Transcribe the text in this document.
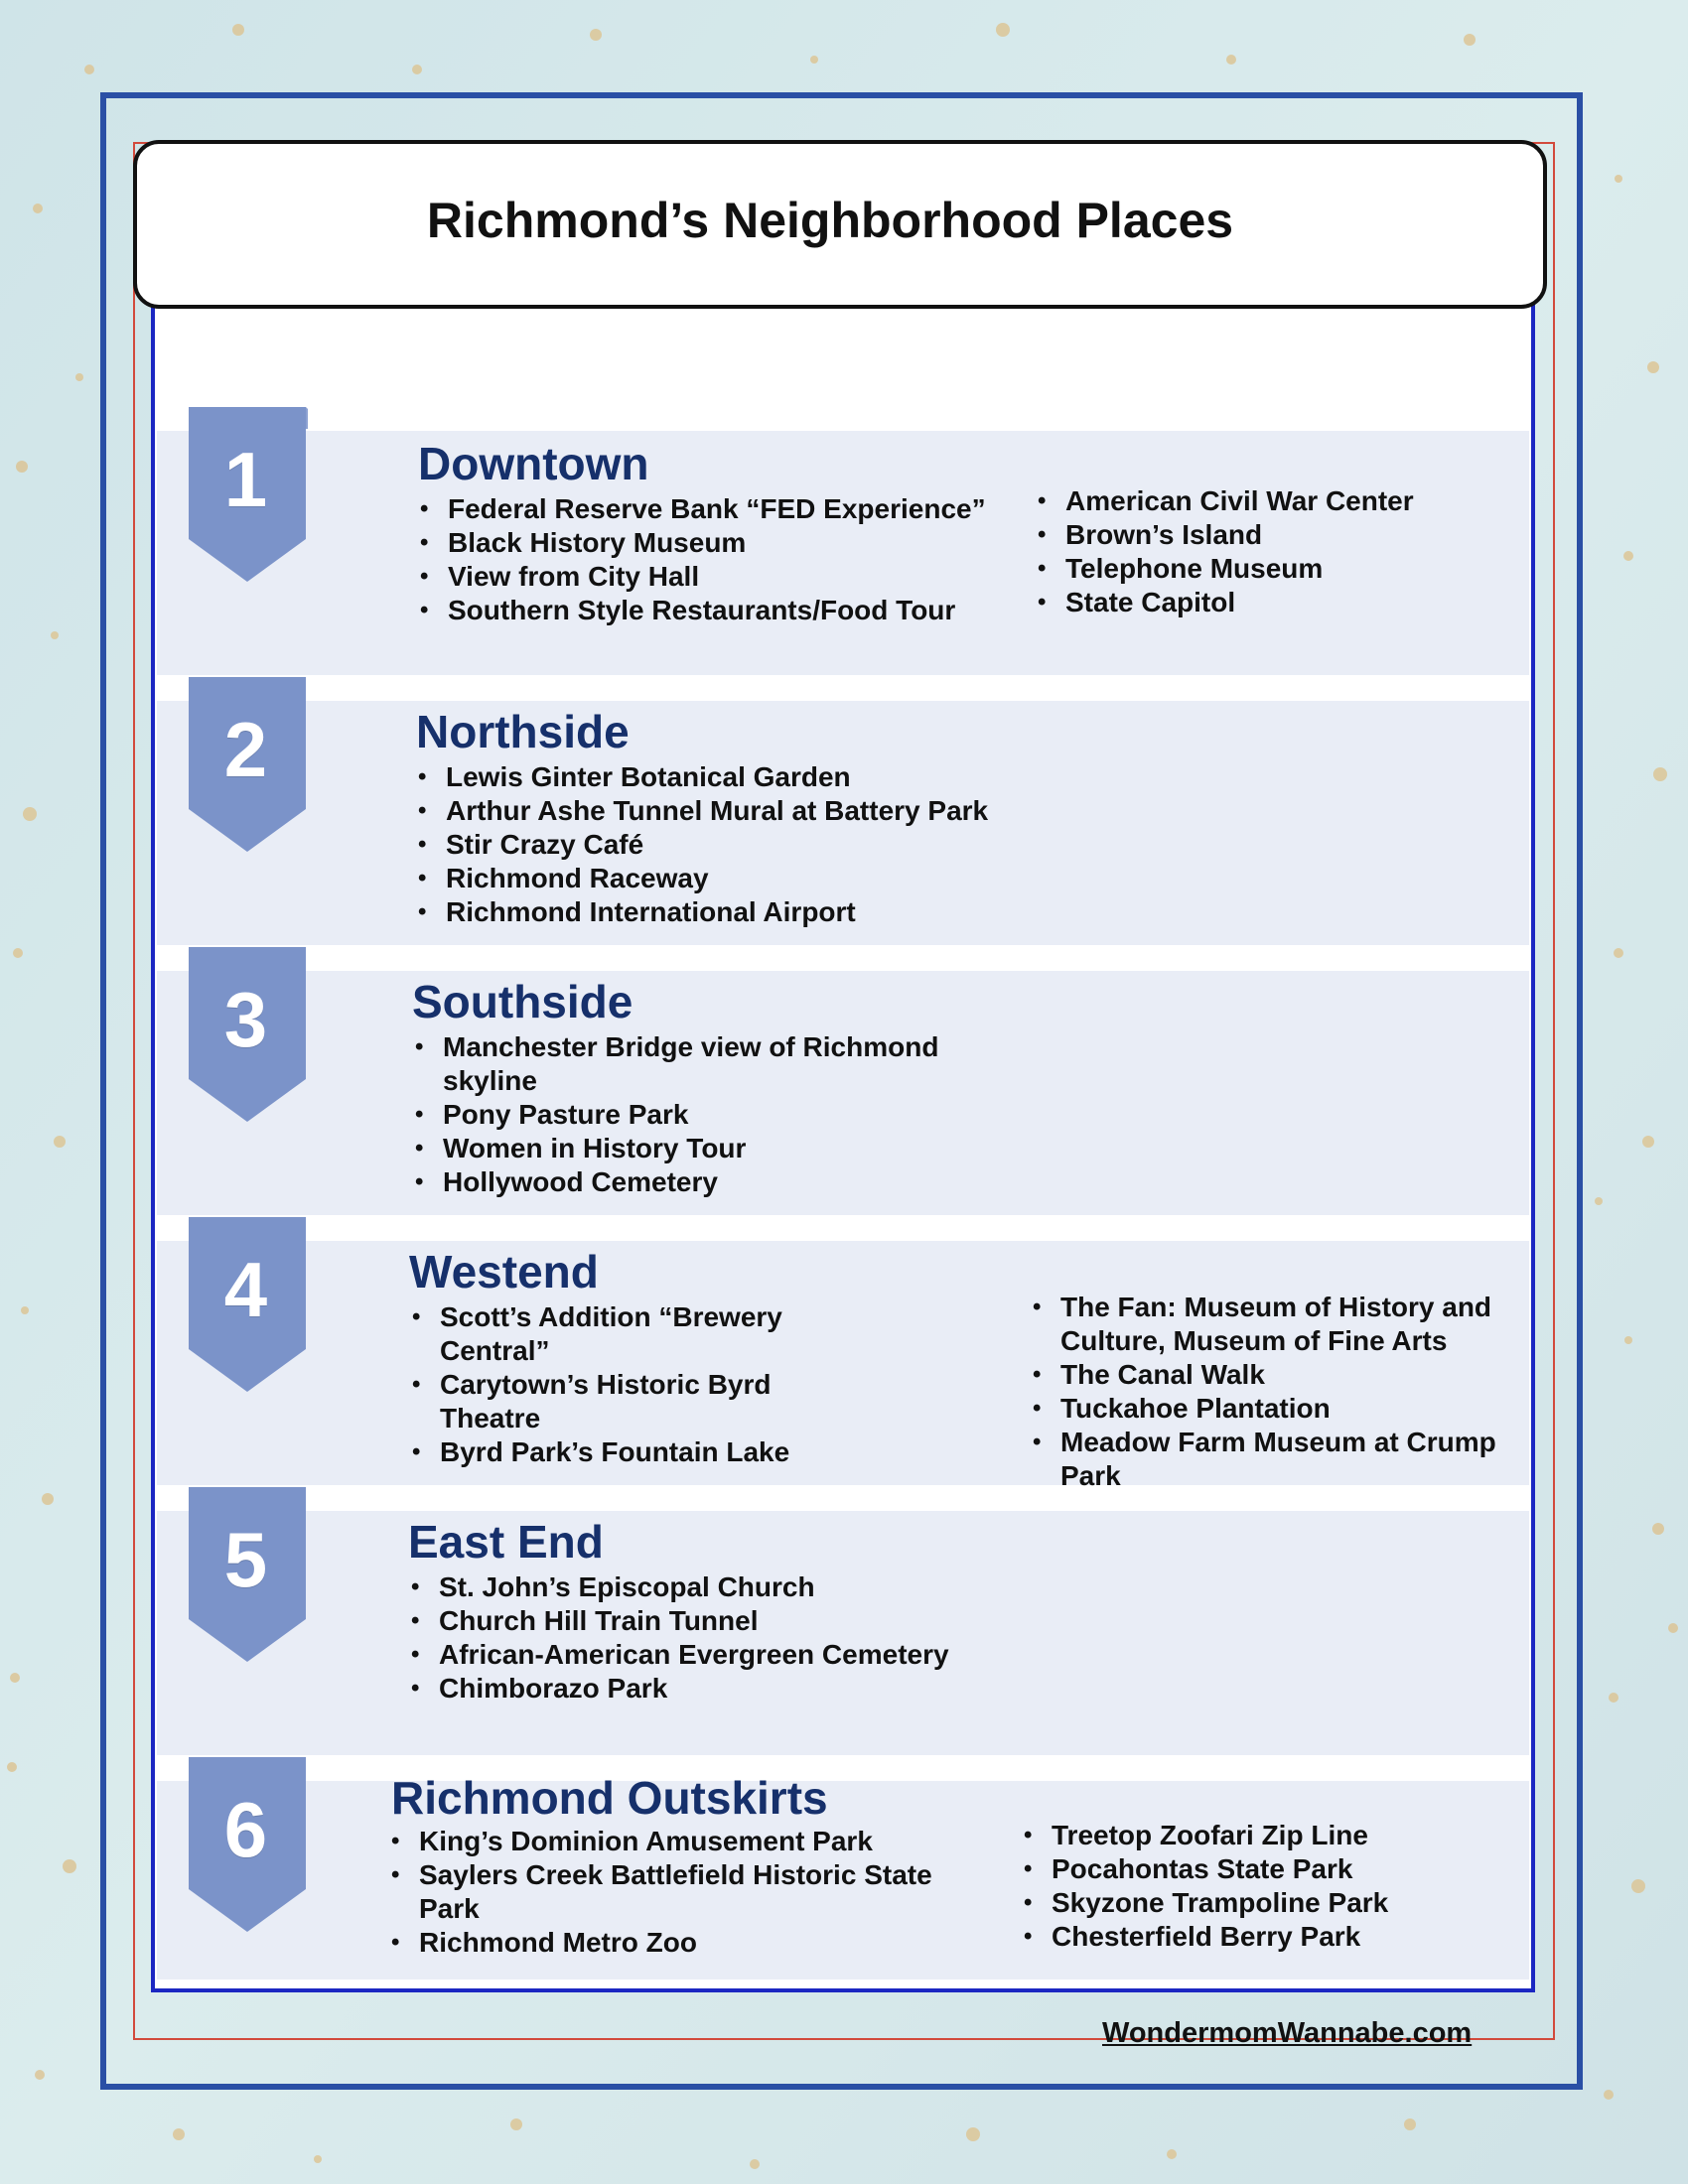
Richmond’s Neighborhood Places
1	Downtown
• Federal Reserve Bank “FED Experience”
• Black History Museum
• View from City Hall
• Southern Style Restaurants/Food Tour
• American Civil War Center
• Brown’s Island
• Telephone Museum
• State Capitol
2	Northside
• Lewis Ginter Botanical Garden
• Arthur Ashe Tunnel Mural at Battery Park
• Stir Crazy Café
• Richmond Raceway
• Richmond International Airport
3	Southside
• Manchester Bridge view of Richmond skyline
• Pony Pasture Park
• Women in History Tour
• Hollywood Cemetery
4	Westend
• Scott’s Addition “Brewery Central”
• Carytown’s Historic Byrd Theatre
• Byrd Park’s Fountain Lake
• The Fan: Museum of History and Culture, Museum of Fine Arts
• The Canal Walk
• Tuckahoe Plantation
• Meadow Farm Museum at Crump Park
5	East End
• St. John’s Episcopal Church
• Church Hill Train Tunnel
• African-American Evergreen Cemetery
• Chimborazo Park
6	Richmond Outskirts
• King’s Dominion Amusement Park
• Saylers Creek Battlefield Historic State Park
• Richmond Metro Zoo
• Treetop Zoofari Zip Line
• Pocahontas State Park
• Skyzone Trampoline Park
• Chesterfield Berry Park
WondermomWannabe.com
